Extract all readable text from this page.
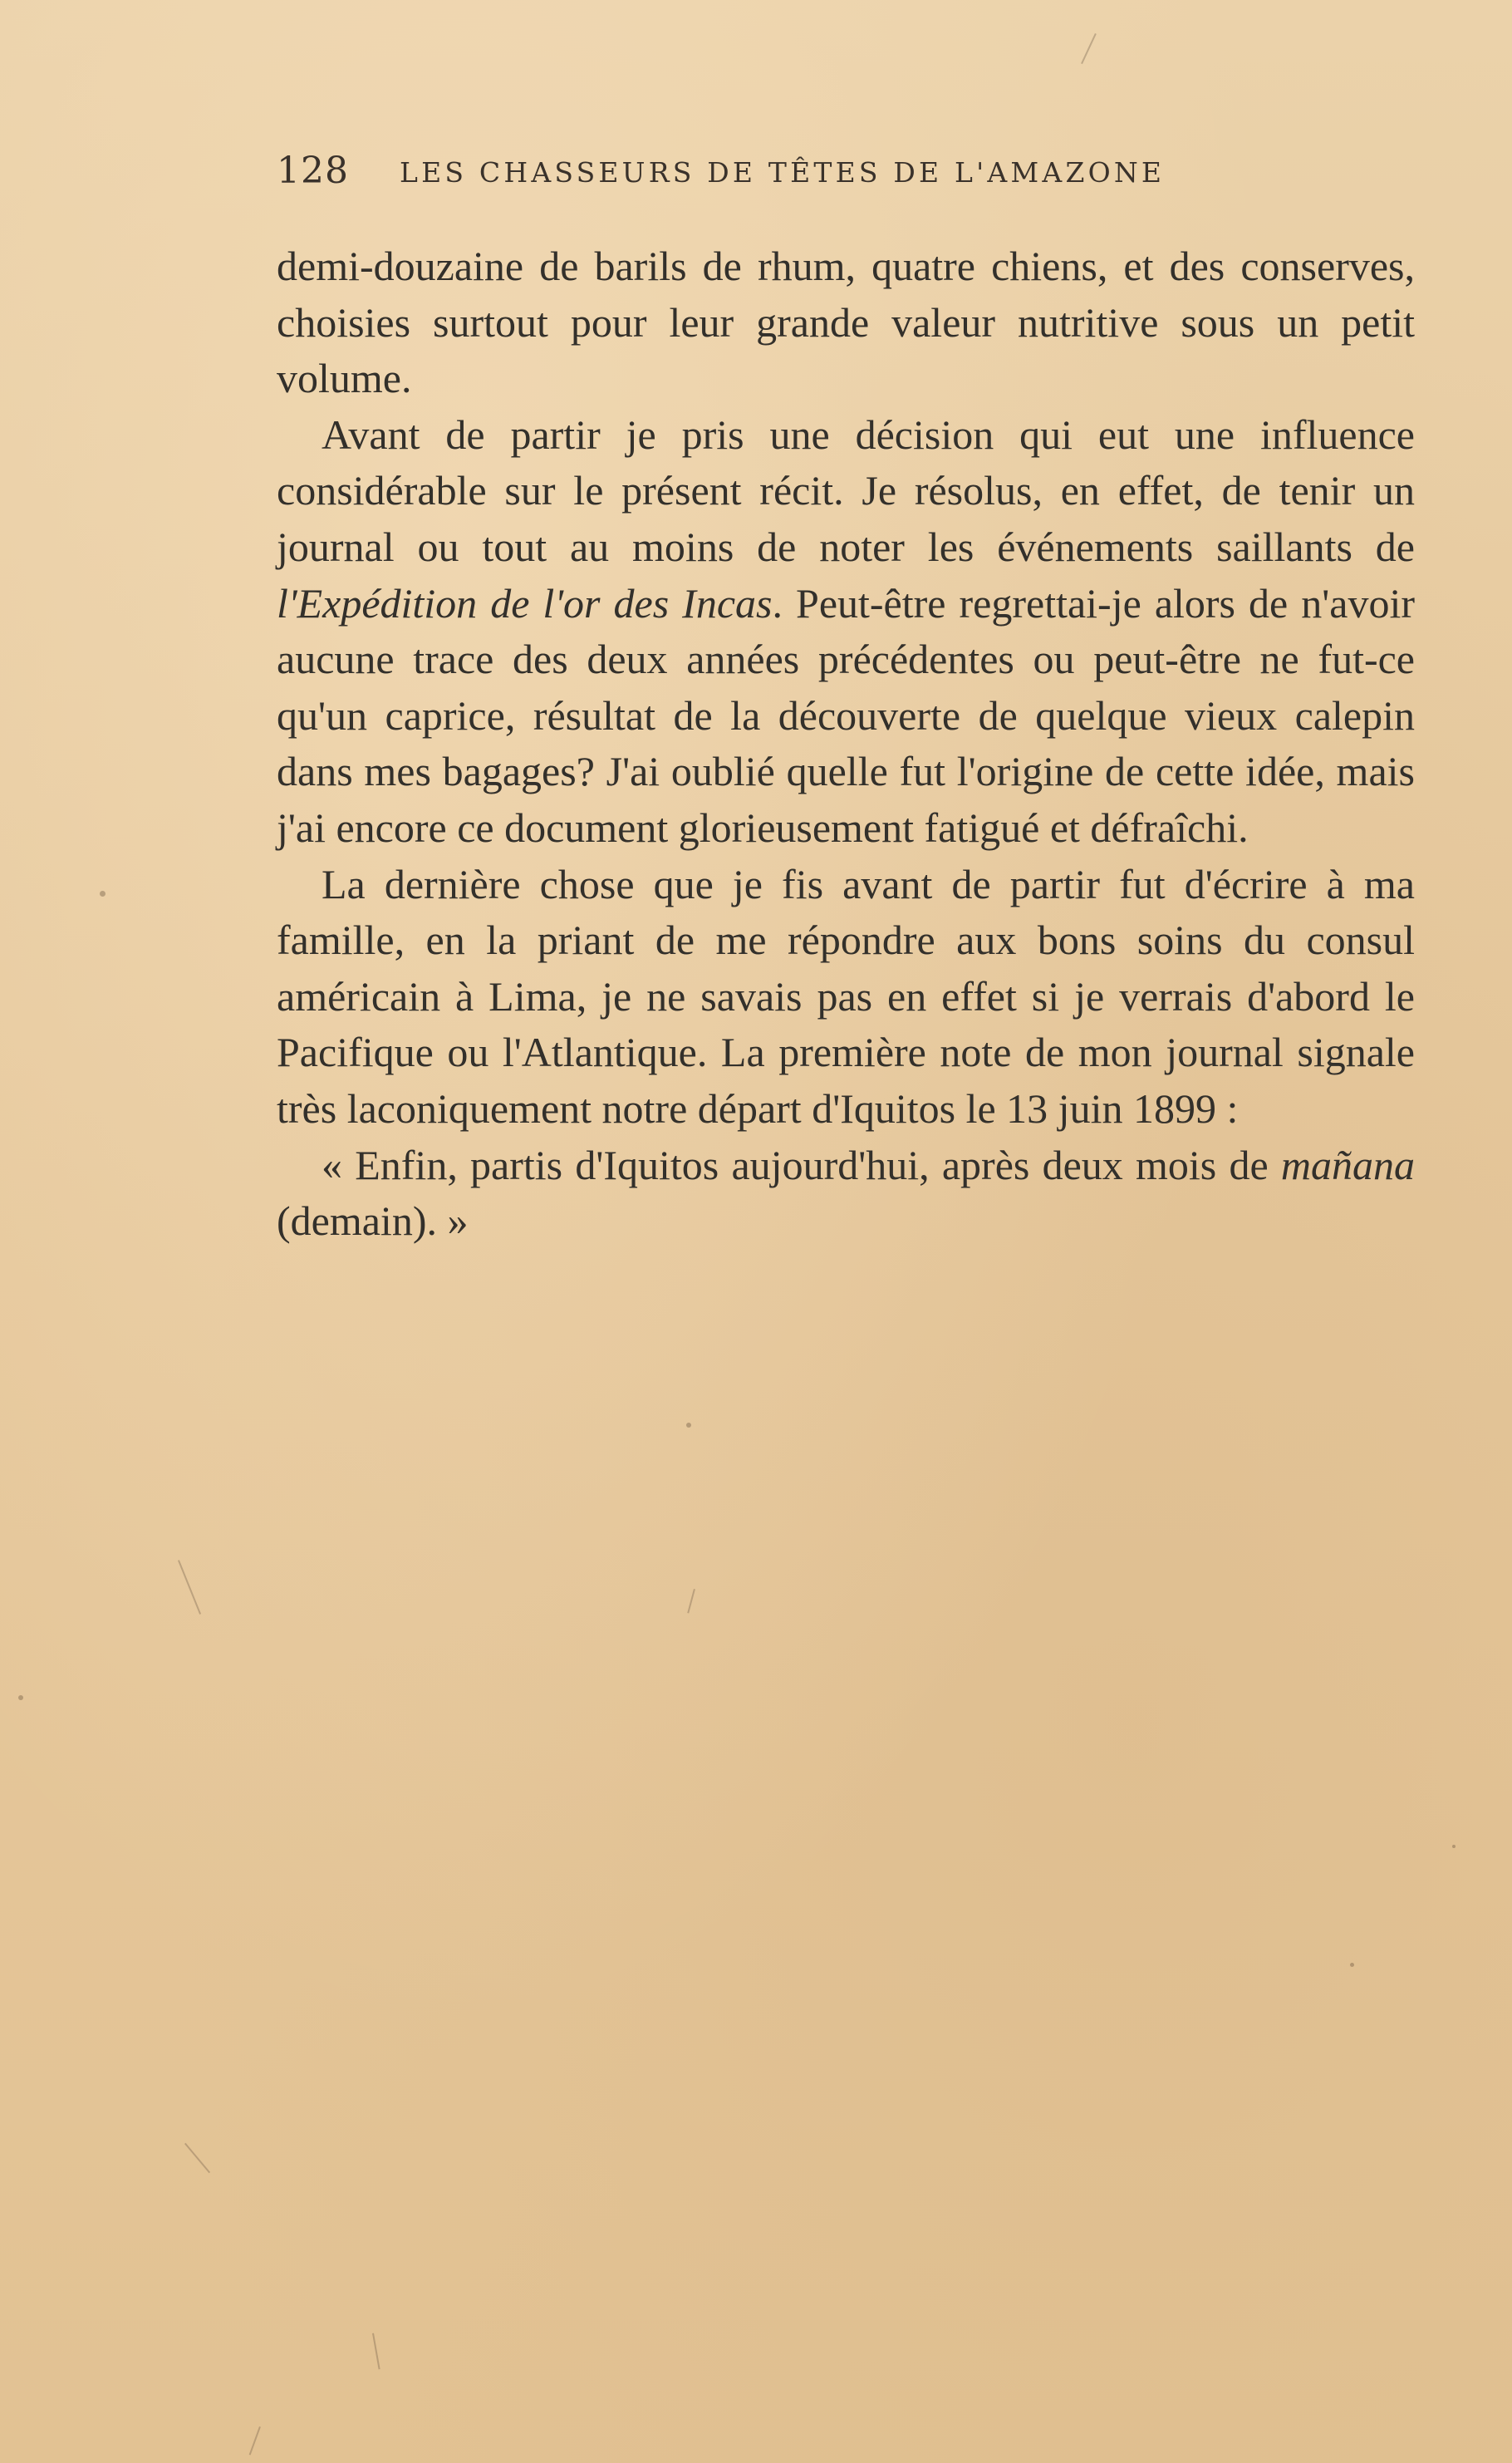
128 LES CHASSEURS DE TÊTES DE L'AMAZONE

demi-douzaine de barils de rhum, quatre chiens, et des conserves, choisies surtout pour leur grande valeur nutritive sous un petit volume.

Avant de partir je pris une décision qui eut une influence considérable sur le présent récit. Je résolus, en effet, de tenir un journal ou tout au moins de noter les événements saillants de l'Expédition de l'or des Incas. Peut-être regrettai-je alors de n'avoir aucune trace des deux années précédentes ou peut-être ne fut-ce qu'un caprice, résultat de la découverte de quelque vieux calepin dans mes bagages? J'ai oublié quelle fut l'origine de cette idée, mais j'ai encore ce document glorieusement fatigué et défraîchi.

La dernière chose que je fis avant de partir fut d'écrire à ma famille, en la priant de me répondre aux bons soins du consul américain à Lima, je ne savais pas en effet si je verrais d'abord le Pacifique ou l'Atlantique. La première note de mon journal signale très laconiquement notre départ d'Iquitos le 13 juin 1899 :

« Enfin, partis d'Iquitos aujourd'hui, après deux mois de mañana (demain). »
